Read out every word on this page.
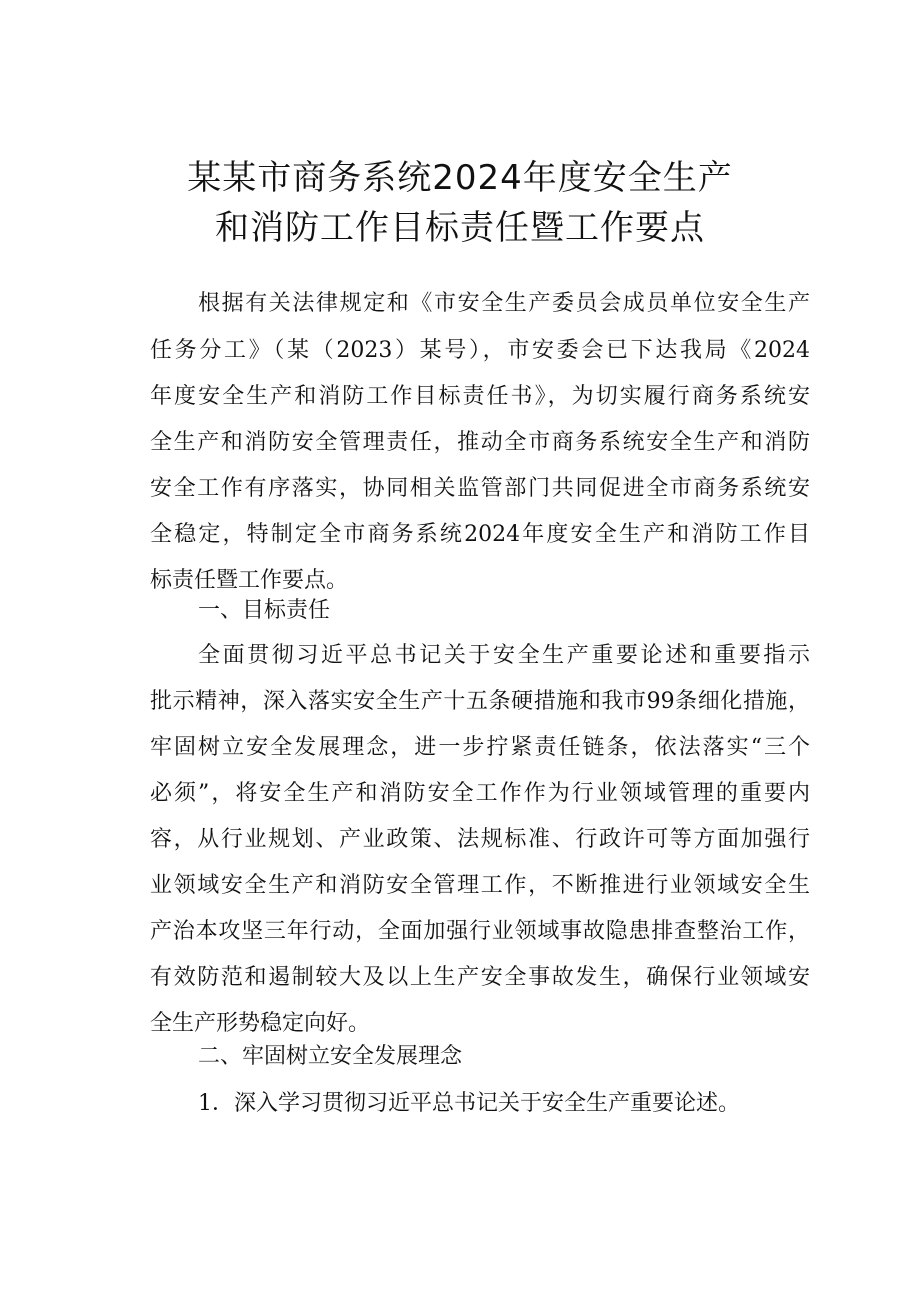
某某市商务系统2024年度安全生产
和消防工作目标责任暨工作要点
根据有关法律规定和《市安全生产委员会成员单位安全生产
任务分工》（某（2023）某号），市安委会已下达我局《2024
年度安全生产和消防工作目标责任书》，为切实履行商务系统安
全生产和消防安全管理责任，推动全市商务系统安全生产和消防
安全工作有序落实，协同相关监管部门共同促进全市商务系统安
全稳定，特制定全市商务系统2024年度安全生产和消防工作目
标责任暨工作要点。
一、目标责任
全面贯彻习近平总书记关于安全生产重要论述和重要指示
批示精神，深入落实安全生产十五条硬措施和我市99条细化措施，
牢固树立安全发展理念，进一步拧紧责任链条，依法落实“三个
必须”，将安全生产和消防安全工作作为行业领域管理的重要内
容，从行业规划、产业政策、法规标准、行政许可等方面加强行
业领域安全生产和消防安全管理工作，不断推进行业领域安全生
产治本攻坚三年行动，全面加强行业领域事故隐患排查整治工作，
有效防范和遏制较大及以上生产安全事故发生，确保行业领域安
全生产形势稳定向好。
二、牢固树立安全发展理念
1．深入学习贯彻习近平总书记关于安全生产重要论述。
